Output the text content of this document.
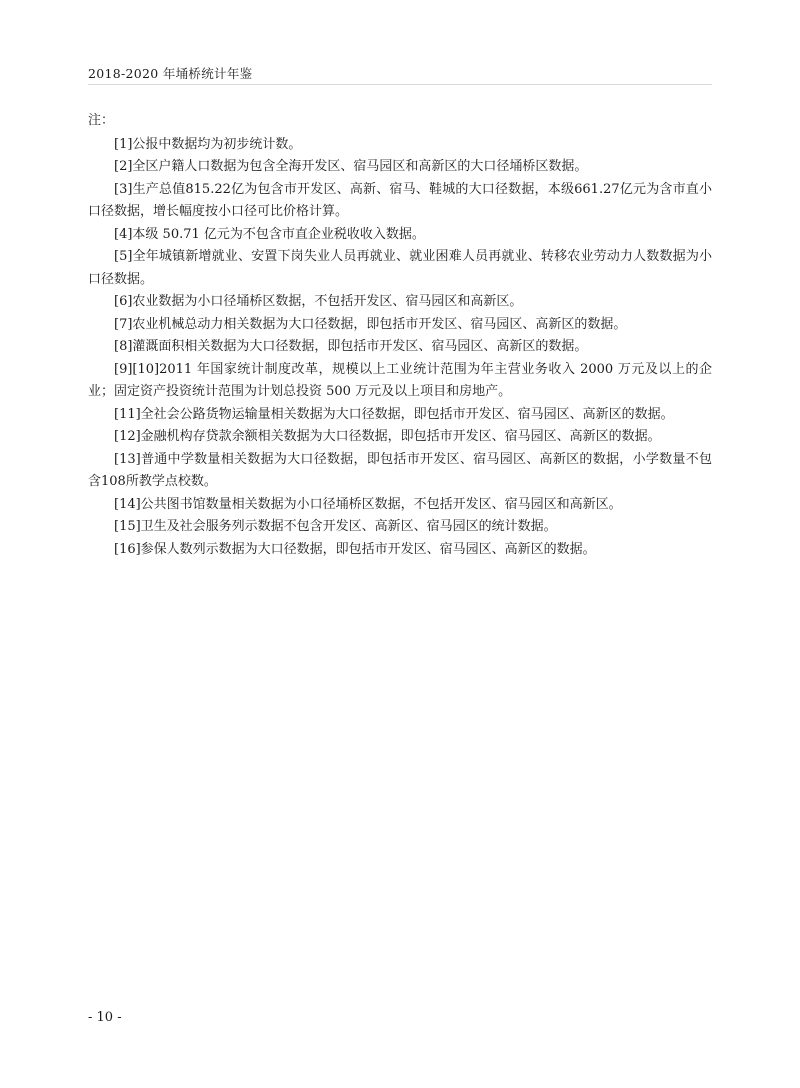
2018-2020 年埇桥统计年鉴

注：

[1]公报中数据均为初步统计数。

[2]全区户籍人口数据为包含全海开发区、宿马园区和高新区的大口径埇桥区数据。

[3]生产总值815.22亿为包含市开发区、高新、宿马、鞋城的大口径数据，本级661.27亿元为含市直小口径数据，增长幅度按小口径可比价格计算。

[4]本级 50.71 亿元为不包含市直企业税收收入数据。

[5]全年城镇新增就业、安置下岗失业人员再就业、就业困难人员再就业、转移农业劳动力人数数据为小口径数据。

[6]农业数据为小口径埇桥区数据，不包括开发区、宿马园区和高新区。

[7]农业机械总动力相关数据为大口径数据，即包括市开发区、宿马园区、高新区的数据。

[8]灌溉面积相关数据为大口径数据，即包括市开发区、宿马园区、高新区的数据。

[9][10]2011 年国家统计制度改革，规模以上工业统计范围为年主营业务收入 2000 万元及以上的企业；固定资产投资统计范围为计划总投资 500 万元及以上项目和房地产。

[11]全社会公路货物运输量相关数据为大口径数据，即包括市开发区、宿马园区、高新区的数据。

[12]金融机构存贷款余额相关数据为大口径数据，即包括市开发区、宿马园区、高新区的数据。

[13]普通中学数量相关数据为大口径数据，即包括市开发区、宿马园区、高新区的数据，小学数量不包含108所教学点校数。

[14]公共图书馆数量相关数据为小口径埇桥区数据，不包括开发区、宿马园区和高新区。

[15]卫生及社会服务列示数据不包含开发区、高新区、宿马园区的统计数据。

[16]参保人数列示数据为大口径数据，即包括市开发区、宿马园区、高新区的数据。

- 10 -
